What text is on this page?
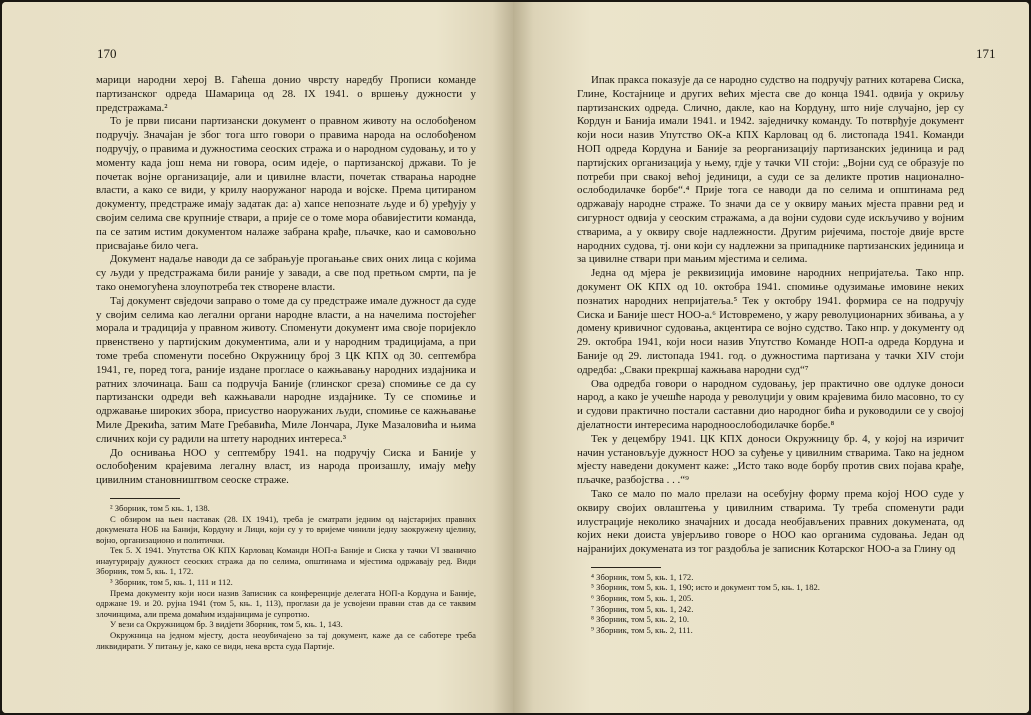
170

марици народни херој В. Гаћеша донио чврсту наредбу Прописи команде партизанског одреда Шамарица од 28. IX 1941. о вршењу дужности у предстражама.²

То је први писани партизански документ о правном животу на ослобођеном подручју. Значајан је због тога што говори о правима народа на ослобођеном подручју, о правима и дужностима сеоских стража и о народном судовању, и то у моменту када још нема ни говора, осим идеје, о партизанској држави. То је почетак војне организације, али и цивилне власти, почетак стварања народне власти, а како се види, у крилу наоружаног народа и војске. Према цитираном документу, предстраже имају задатак да: а) хапсе непознате људе и б) уређују у својим селима све крупније ствари, а прије се о томе мора обавијестити команда, па се затим истим документом налаже забрана крађе, пљачке, као и самовољно присвајање било чега.

Документ надаље наводи да се забрањује прогањање свих оних лица с којима су људи у предстражама били раније у завади, а све под претњом смрти, па је тако онемогућена злоупотреба тек створене власти.

Тај документ свједочи заправо о томе да су предстраже имале дужност да суде у својим селима као легални органи народне власти, а на начелима постојећег морала и традиција у правном животу. Споменути документ има своје поријекло првенствено у партијским документима, али и у народним традицијама, а при томе треба споменути посебно Окружницу број 3 ЦК КПХ од 30. септембра 1941, ге, поред тога, раније издане прогласе о кажњавању народних издајника и ратних злочинаца. Баш са подручја Баније (глинског среза) спомиње се да су партизански одреди већ кажњавали народне издајнике. Ту се спомиње и одржавање широких збора, присуство наоружаних људи, спомиње се кажњавање Миле Дрекића, затим Мате Гребавића, Миле Лончара, Луке Мазаловића и њима сличних који су радили на штету народних интереса.³

До оснивања НОО у септембру 1941. на подручју Сиска и Баније у ослобођеним крајевима легалну власт, из народа произашлу, имају међу цивилним становништвом сеоске страже.

² Зборник, том 5 књ. 1, 138.

С обзиром на њен наставак (28. IX 1941), треба је сматрати једним од најстаријих правних докумената НОБ на Банији, Кордуну и Лици, који су у то вријеме чинили једну заокружену цјелину, војно, организационо и политички.

Тек 5. X 1941. Упутства ОК КПХ Карловац Команди НОП-а Баније и Сиска у тачки VI званично инаугурирају дужност сеоских стража да по селима, општинама и мјестима одржавају ред. Види Зборник, том 5, књ. 1, 172.

³ Зборник, том 5, књ. 1, 111 и 112.

Према документу који носи назив Записник са конференције делегата НОП-а Кордуна и Баније, одржане 19. и 20. рујна 1941 (том 5, књ. 1, 113), проглаsи да је усвојени правни став да се таквим злочинцима, али према домаћим издајницима је супротно.

У вези са Окружницом бр. 3 видјети Зборник, том 5, књ. 1, 143.

Окружница на једном мјесту, доста неоубичајено за тај документ, каже да се саботере треба ликвидирати. У питању је, како се види, нека врста суда Партије.

171

Ипак пракса показује да се народно судство на подручју ратних котарева Сиска, Глине, Костајнице и других већих мјеста све до конца 1941. одвија у окриљу партизанских одреда. Слично, дакле, као на Кордуну, што није случајно, јер су Кордун и Банија имали 1941. и 1942. заједничку команду. То потврђује документ који носи назив Упутство ОК-а КПХ Карловац од 6. листопада 1941. Команди НОП одреда Кордуна и Баније за реорганизацију партизанских јединица и рад партијских организација у њему, гдје у тачки VII стоји: „Војни суд се образује по потреби при свакој већој јединици, а суди се за деликте против националнo-ослободилачке борбе“.⁴ Прије тога се наводи да по селима и општинама ред одржавају народне страже. То значи да се у оквиру мањих мјеста правни ред и сигурност одвија у сеоским стражама, а да војни судови суде искључиво у војним стварима, а у оквиру своје надлежности. Другим ријечима, постоје двије врсте народних судова, тј. они који су надлежни за припаднике партизанских јединица и за цивилне ствари при мањим мјестима и селима.

Једна од мјера је реквизиција имовине народних непријатеља. Тако нпр. документ ОК КПХ од 10. октобра 1941. спомиње одузимање имовине неких познатих народних непријатеља.⁵ Тек у октобру 1941. формира се на подручју Сиска и Баније шест НОО-а.⁶ Истовремено, у жару револуционарних збивања, а у домену кривичног судовања, акцентира се војно судство. Тако нпр. у документу од 29. октобра 1941, који носи назив Упутство Команде НОП-а одреда Кордуна и Баније од 29. листопада 1941. год. о дужностима партизана у тачки XIV стоји одредба: „Сваки прекршај кажњава народни суд“⁷

Ова одредба говори о народном судовању, јер практично ове одлуке доноси народ, а како је учешће народа у револуцији у овим крајевима било масовно, то су и судови практично постали саставни дио народног бића и руководили се у својој дјелатности интересима народноослободилачке борбе.⁸

Тек у децембру 1941. ЦК КПХ доноси Окружницу бр. 4, у којој на изричит начин установљује дужност НОО за суђење у цивилним стварима. Тако на једном мјесту наведени документ каже: „Исто тако водe борбу против свих појава крађе, пљачке, разбојства . . .“⁹

Тако се мало по мало прелази на осебујну форму према којој НОО суде у оквиру својих овлаштења у цивилним стварима. Ту треба споменути ради илустрације неколико значајних и досада необјављених правних докумената, од којих неки доиста увјерљиво говоре о НОО као органима судовања. Један од најранијих докумената из тог раздобља је записник Котарског НОО-а за Глину од

⁴ Зборник, том 5, књ. 1, 172.

⁵ Зборник, том 5, књ. 1, 190; исто и документ том 5, књ. 1, 182.

⁶ Зборник, том 5, књ. 1, 205.

⁷ Зборник, том 5, књ. 1, 242.

⁸ Зборник, том 5, књ. 2, 10.

⁹ Зборник, том 5, књ. 2, 111.
